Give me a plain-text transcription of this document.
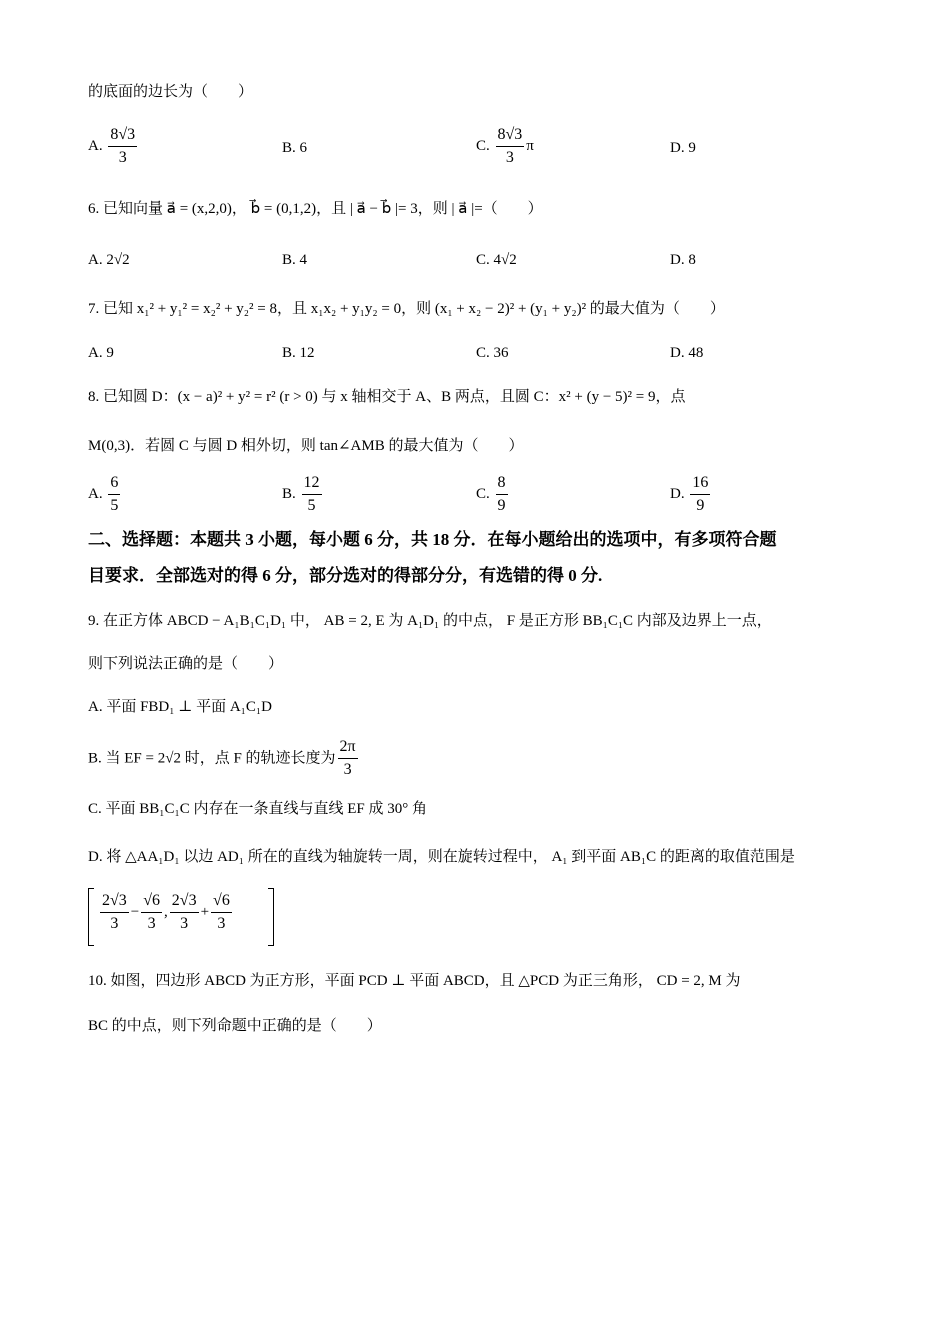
的底面的边长为（　　）
A. $\frac{8√3}{3}$	B. 6	C. $\frac{8√3}{3}$ π	D. 9
6. 已知向量 a⃗ = (x,2,0)， b⃗ = (0,1,2)，且 | a⃗ − b⃗ |= 3，则 | a⃗ |=（　　）
A. 2√2	B. 4	C. 4√2	D. 8
7. 已知 x₁² + y₁² = x₂² + y₂² = 8，且 x₁x₂ + y₁y₂ = 0，则 (x₁ + x₂ − 2)² + (y₁ + y₂)² 的最大值为（　　）
A. 9	B. 12	C. 36	D. 48
8. 已知圆 D：(x − a)² + y² = r² (r > 0) 与 x 轴相交于 A、B 两点，且圆 C：x² + (y − 5)² = 9，点
M(0,3)．若圆 C 与圆 D 相外切，则 tan∠AMB 的最大值为（　　）
A. $\frac{6}{5}$	B. $\frac{12}{5}$	C. $\frac{8}{9}$	D. $\frac{16}{9}$
二、选择题：本题共 3 小题，每小题 6 分，共 18 分．在每小题给出的选项中，有多项符合题
目要求．全部选对的得 6 分，部分选对的得部分分，有选错的得 0 分.
9. 在正方体 ABCD − A₁B₁C₁D₁ 中， AB = 2, E 为 A₁D₁ 的中点， F 是正方形 BB₁C₁C 内部及边界上一点，
则下列说法正确的是（　　）
A. 平面 FBD₁ ⊥ 平面 A₁C₁D
B. 当 EF = 2√2 时，点 F 的轨迹长度为 $\frac{2\pi}{3}$
C. 平面 BB₁C₁C 内存在一条直线与直线 EF 成 30° 角
D. 将 △AA₁D₁ 以边 AD₁ 所在的直线为轴旋转一周，则在旋转过程中， A₁ 到平面 AB₁C 的距离的取值范围是
$\frac{2√3}{3} - \frac{√6}{3}$ , $\frac{2√3}{3} + \frac{√6}{3}$
10. 如图，四边形 ABCD 为正方形，平面 PCD ⊥ 平面 ABCD，且 △PCD 为正三角形， CD = 2, M 为
BC 的中点，则下列命题中正确的是（　　）
